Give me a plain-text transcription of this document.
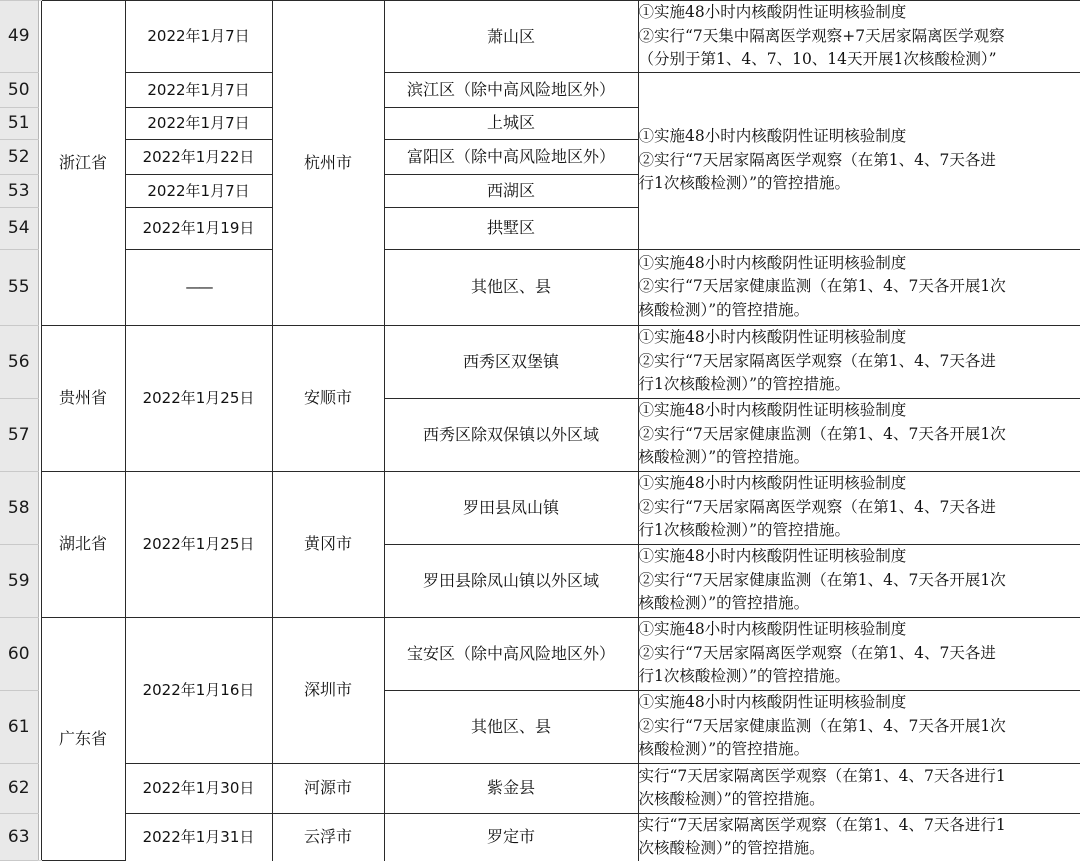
49		浙江省	2022年1月7日	杭州市	萧山区	①实施48小时内核酸阴性证明核验制度
②实行“7天集中隔离医学观察+7天居家隔离医学观察
（分别于第1、4、7、10、14天开展1次核酸检测）”

50			2022年1月7日		滨江区（除中高风险地区外）	①实施48小时内核酸阴性证明核验制度
②实行“7天居家隔离医学观察（在第1、4、7天各进
行1次核酸检测）”的管控措施。

51			2022年1月7日		上城区	
52			2022年1月22日		富阳区（除中高风险地区外）	
53			2022年1月7日		西湖区	
54			2022年1月19日		拱墅区	
55			——		其他区、县	①实施48小时内核酸阴性证明核验制度
②实行“7天居家健康监测（在第1、4、7天各开展1次
核酸检测）”的管控措施。

56		贵州省	2022年1月25日	安顺市	西秀区双堡镇	①实施48小时内核酸阴性证明核验制度
②实行“7天居家隔离医学观察（在第1、4、7天各进
行1次核酸检测）”的管控措施。

57					西秀区除双保镇以外区域	①实施48小时内核酸阴性证明核验制度
②实行“7天居家健康监测（在第1、4、7天各开展1次
核酸检测）”的管控措施。

58		湖北省	2022年1月25日	黄冈市	罗田县凤山镇	①实施48小时内核酸阴性证明核验制度
②实行“7天居家隔离医学观察（在第1、4、7天各进
行1次核酸检测）”的管控措施。

59					罗田县除凤山镇以外区域	①实施48小时内核酸阴性证明核验制度
②实行“7天居家健康监测（在第1、4、7天各开展1次
核酸检测）”的管控措施。

60		广东省	2022年1月16日	深圳市	宝安区（除中高风险地区外）	①实施48小时内核酸阴性证明核验制度
②实行“7天居家隔离医学观察（在第1、4、7天各进
行1次核酸检测）”的管控措施。

61					其他区、县	①实施48小时内核酸阴性证明核验制度
②实行“7天居家健康监测（在第1、4、7天各开展1次
核酸检测）”的管控措施。

62			2022年1月30日	河源市	紫金县	实行“7天居家隔离医学观察（在第1、4、7天各进行1
次核酸检测）”的管控措施。

63			2022年1月31日	云浮市	罗定市	实行“7天居家隔离医学观察（在第1、4、7天各进行1
次核酸检测）”的管控措施。
